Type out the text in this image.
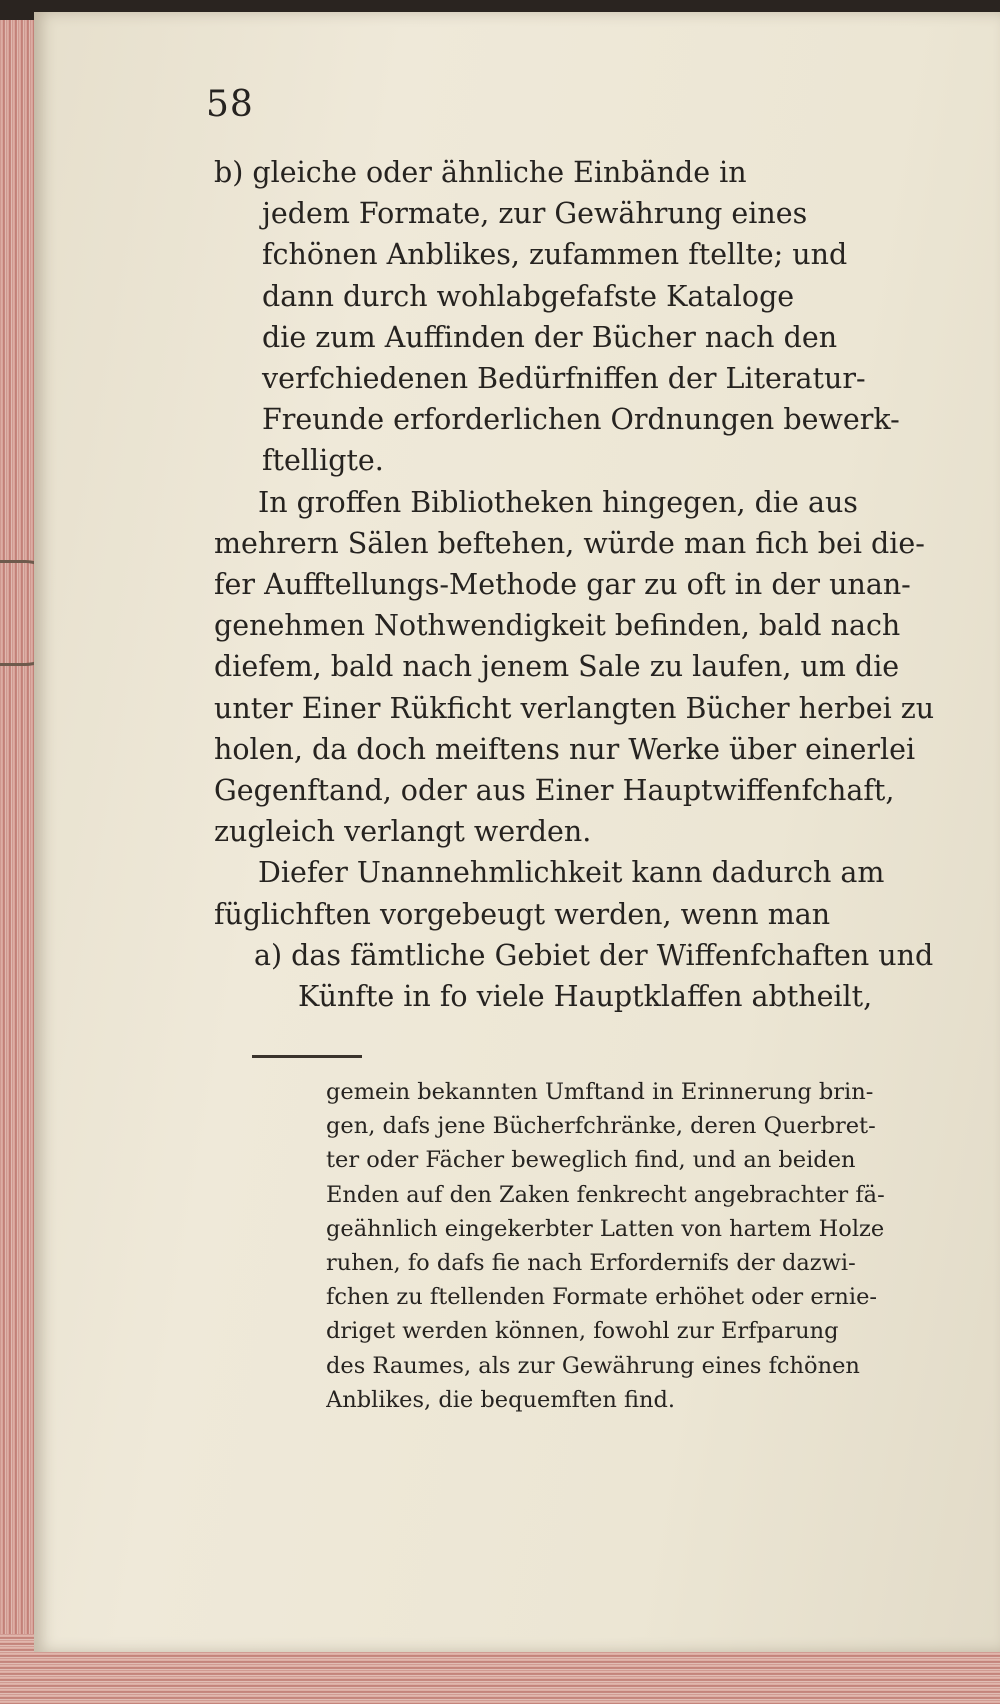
58
b) gleiche oder ähnliche Einbände in
jedem Formate, zur Gewährung eines
fchönen Anblikes, zufammen ftellte; und
dann durch wohlabgefafste Kataloge
die zum Auffinden der Bücher nach den
verfchiedenen Bedürfniffen der Literatur-
Freunde erforderlichen Ordnungen bewerk-
ftelligte.
In groffen Bibliotheken hingegen, die aus
mehrern Sälen beftehen, würde man fich bei die-
fer Aufftellungs-Methode gar zu oft in der unan-
genehmen Nothwendigkeit befinden, bald nach
diefem, bald nach jenem Sale zu laufen, um die
unter Einer Rükficht verlangten Bücher herbei zu
holen, da doch meiftens nur Werke über einerlei
Gegenftand, oder aus Einer Hauptwiffenfchaft,
zugleich verlangt werden.
Diefer Unannehmlichkeit kann dadurch am
füglichften vorgebeugt werden, wenn man
a) das fämtliche Gebiet der Wiffenfchaften und
Künfte in fo viele Hauptklaffen abtheilt,
gemein bekannten Umftand in Erinnerung brin-
gen, dafs jene Bücherfchränke, deren Querbret-
ter oder Fächer beweglich find, und an beiden
Enden auf den Zaken fenkrecht angebrachter fä-
geähnlich eingekerbter Latten von hartem Holze
ruhen, fo dafs fie nach Erfordernifs der dazwi-
fchen zu ftellenden Formate erhöhet oder ernie-
driget werden können, fowohl zur Erfparung
des Raumes, als zur Gewährung eines fchönen
Anblikes, die bequemften find.
